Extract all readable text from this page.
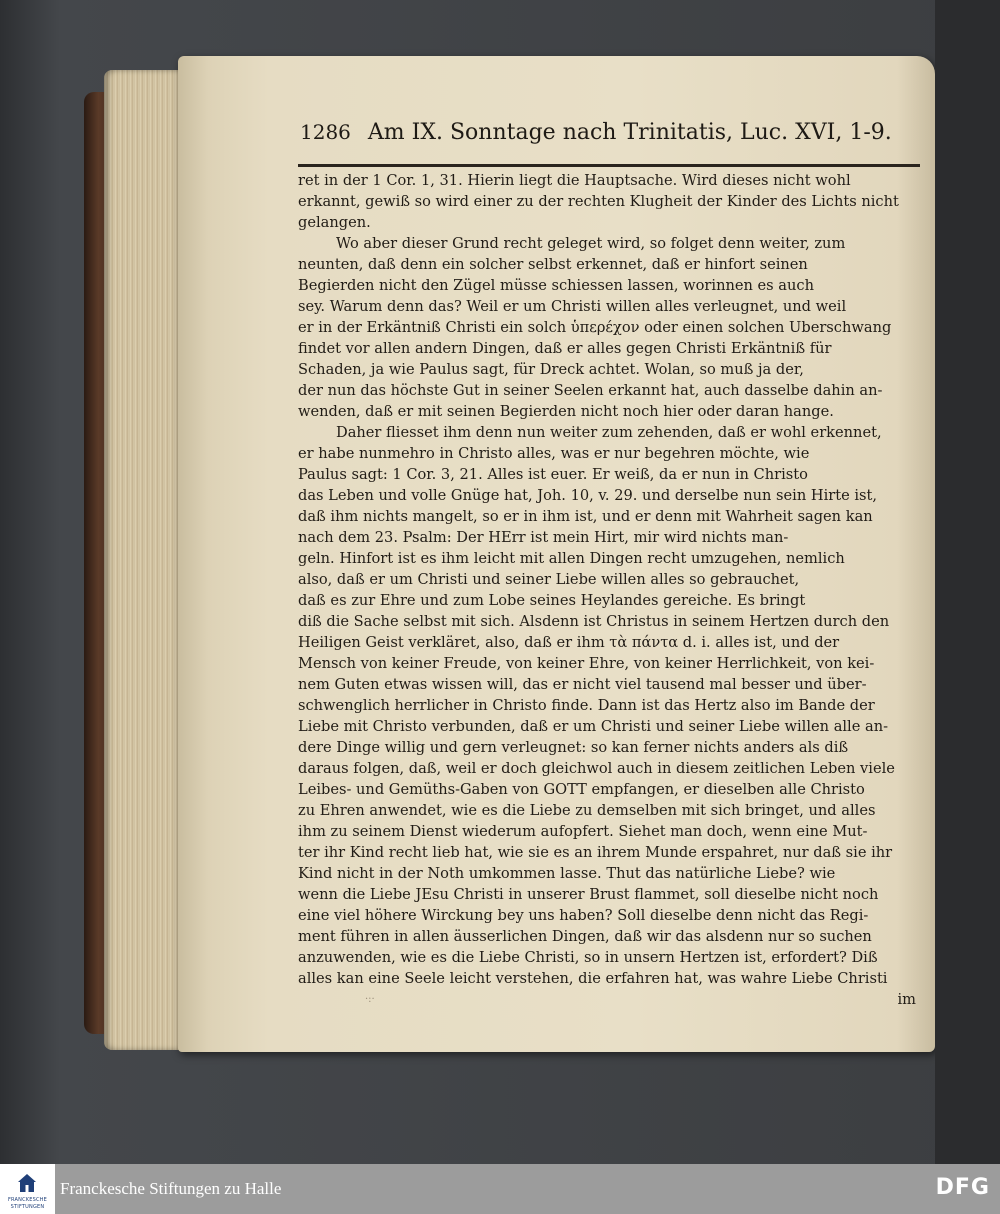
1286 Am IX. Sonntage nach Trinitatis, Luc. XVI, 1-9.
ret in der 1 Cor. 1, 31. Hierin liegt die Hauptsache. Wird dieses nicht wohl
erkannt, gewiß so wird einer zu der rechten Klugheit der Kinder des Lichts nicht
gelangen.
Wo aber dieser Grund recht geleget wird, so folget denn weiter, zum
neunten, daß denn ein solcher selbst erkennet, daß er hinfort seinen
Begierden nicht den Zügel müsse schiessen lassen, worinnen es auch
sey. Warum denn das? Weil er um Christi willen alles verleugnet, und weil
er in der Erkäntniß Christi ein solch ὑπερέχον oder einen solchen Uberschwang
findet vor allen andern Dingen, daß er alles gegen Christi Erkäntniß für
Schaden, ja wie Paulus sagt, für Dreck achtet. Wolan, so muß ja der,
der nun das höchste Gut in seiner Seelen erkannt hat, auch dasselbe dahin an-
wenden, daß er mit seinen Begierden nicht noch hier oder daran hange.
Daher fliesset ihm denn nun weiter zum zehenden, daß er wohl erkennet,
er habe nunmehro in Christo alles, was er nur begehren möchte, wie
Paulus sagt: 1 Cor. 3, 21. Alles ist euer. Er weiß, da er nun in Christo
das Leben und volle Gnüge hat, Joh. 10, v. 29. und derselbe nun sein Hirte ist,
daß ihm nichts mangelt, so er in ihm ist, und er denn mit Wahrheit sagen kan
nach dem 23. Psalm: Der HErr ist mein Hirt, mir wird nichts man-
geln. Hinfort ist es ihm leicht mit allen Dingen recht umzugehen, nemlich
also, daß er um Christi und seiner Liebe willen alles so gebrauchet,
daß es zur Ehre und zum Lobe seines Heylandes gereiche. Es bringt
diß die Sache selbst mit sich. Alsdenn ist Christus in seinem Hertzen durch den
Heiligen Geist verkläret, also, daß er ihm τὰ πάντα d. i. alles ist, und der
Mensch von keiner Freude, von keiner Ehre, von keiner Herrlichkeit, von kei-
nem Guten etwas wissen will, das er nicht viel tausend mal besser und über-
schwenglich herrlicher in Christo finde. Dann ist das Hertz also im Bande der
Liebe mit Christo verbunden, daß er um Christi und seiner Liebe willen alle an-
dere Dinge willig und gern verleugnet: so kan ferner nichts anders als diß
daraus folgen, daß, weil er doch gleichwol auch in diesem zeitlichen Leben viele
Leibes- und Gemüths-Gaben von GOTT empfangen, er dieselben alle Christo
zu Ehren anwendet, wie es die Liebe zu demselben mit sich bringet, und alles
ihm zu seinem Dienst wiederum aufopfert. Siehet man doch, wenn eine Mut-
ter ihr Kind recht lieb hat, wie sie es an ihrem Munde erspahret, nur daß sie ihr
Kind nicht in der Noth umkommen lasse. Thut das natürliche Liebe? wie
wenn die Liebe JEsu Christi in unserer Brust flammet, soll dieselbe nicht noch
eine viel höhere Wirckung bey uns haben? Soll dieselbe denn nicht das Regi-
ment führen in allen äusserlichen Dingen, daß wir das alsdenn nur so suchen
anzuwenden, wie es die Liebe Christi, so in unsern Hertzen ist, erfordert? Diß
alles kan eine Seele leicht verstehen, die erfahren hat, was wahre Liebe Christi
im
·:·
FRANCKESCHE
STIFTUNGEN
Franckesche Stiftungen zu Halle	DFG
